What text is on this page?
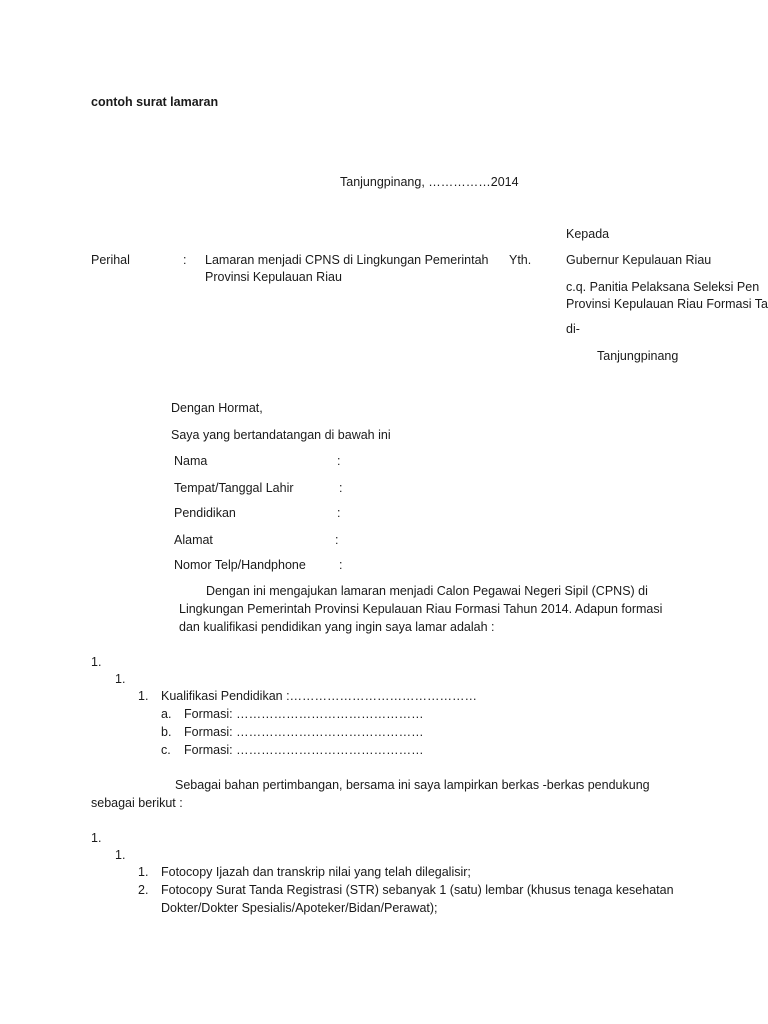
contoh surat lamaran
Tanjungpinang, ……………2014
Kepada
Perihal	: Lamaran menjadi CPNS di Lingkungan Pemerintah
Provinsi Kepulauan Riau
Yth.	Gubernur Kepulauan Riau
c.q. Panitia Pelaksana Seleksi Pen
Provinsi Kepulauan Riau Formasi Ta
di-
Tanjungpinang
Dengan Hormat,
Saya yang bertandatangan di bawah ini
Nama	:
Tempat/Tanggal Lahir	:
Pendidikan	:
Alamat	:
Nomor Telp/Handphone	:
Dengan ini mengajukan lamaran menjadi Calon Pegawai Negeri Sipil (CPNS) di
Lingkungan Pemerintah Provinsi Kepulauan Riau Formasi Tahun 2014. Adapun formasi
dan kualifikasi pendidikan yang ingin saya lamar adalah :
1.
1.
1. Kualifikasi Pendidikan :………………………………………
a. Formasi: ………………………………………
b. Formasi: ………………………………………
c. Formasi: ………………………………………
Sebagai bahan pertimbangan, bersama ini saya lampirkan berkas -berkas pendukung
sebagai berikut :
1.
1.
1. Fotocopy Ijazah dan transkrip nilai yang telah dilegalisir;
2. Fotocopy Surat Tanda Registrasi (STR) sebanyak 1 (satu) lembar (khusus tenaga kesehatan
Dokter/Dokter Spesialis/Apoteker/Bidan/Perawat);
